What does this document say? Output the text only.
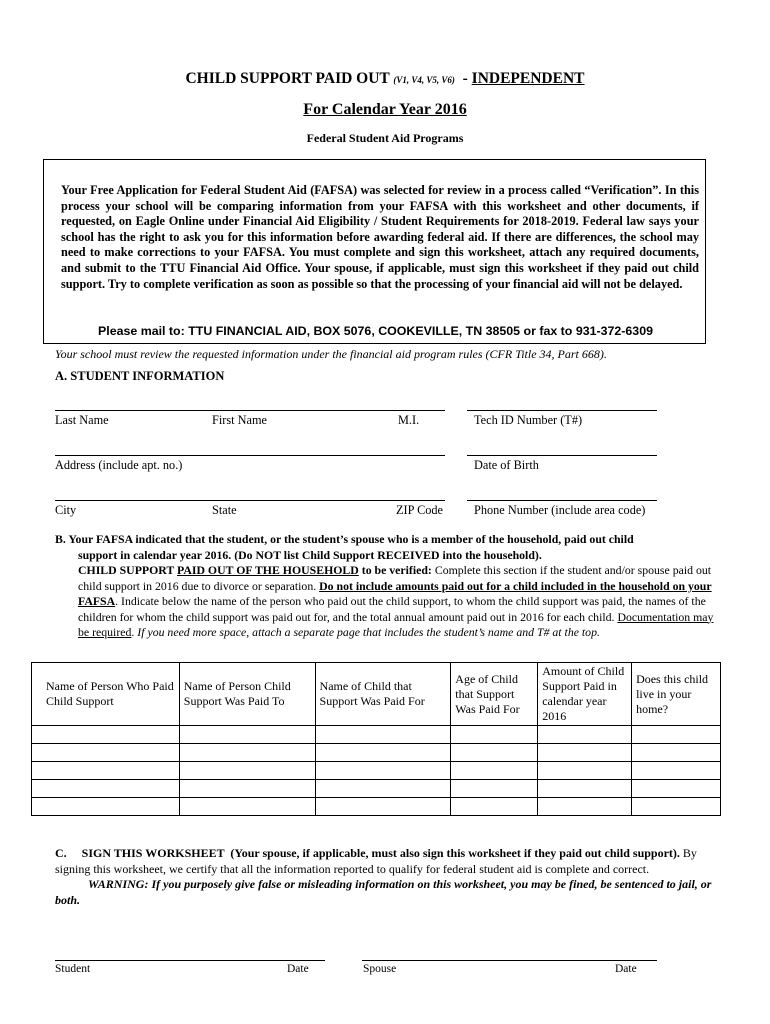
CHILD SUPPORT PAID OUT (V1, V4, V5, V6) - INDEPENDENT
For Calendar Year 2016
Federal Student Aid Programs
Your Free Application for Federal Student Aid (FAFSA) was selected for review in a process called “Verification”. In this process your school will be comparing information from your FAFSA with this worksheet and other documents, if requested, on Eagle Online under Financial Aid Eligibility / Student Requirements for 2018-2019. Federal law says your school has the right to ask you for this information before awarding federal aid. If there are differences, the school may need to make corrections to your FAFSA. You must complete and sign this worksheet, attach any required documents, and submit to the TTU Financial Aid Office. Your spouse, if applicable, must sign this worksheet if they paid out child support. Try to complete verification as soon as possible so that the processing of your financial aid will not be delayed.
Please mail to: TTU FINANCIAL AID, BOX 5076, COOKEVILLE, TN 38505 or fax to 931-372-6309
Your school must review the requested information under the financial aid program rules (CFR Title 34, Part 668).
A. STUDENT INFORMATION
Last Name	First Name	M.I.	Tech ID Number (T#)
Address (include apt. no.)	Date of Birth
City	State	ZIP Code	Phone Number (include area code)
B. Your FAFSA indicated that the student, or the student’s spouse who is a member of the household, paid out child

support in calendar year 2016. (Do NOT list Child Support RECEIVED into the household).
CHILD SUPPORT PAID OUT OF THE HOUSEHOLD to be verified: Complete this section if the student and/or spouse paid out child support in 2016 due to divorce or separation. Do not include amounts paid out for a child included in the household on your FAFSA. Indicate below the name of the person who paid out the child support, to whom the child support was paid, the names of the children for whom the child support was paid out for, and the total annual amount paid out in 2016 for each child. Documentation may be required. If you need more space, attach a separate page that includes the student’s name and T# at the top.
Name of Person Who Paid Child Support	Name of Person Child Support Was Paid To	Name of Child that Support Was Paid For	Age of Child that Support Was Paid For	Amount of Child Support Paid in calendar year 2016	Does this child live in your home?

C.     SIGN THIS WORKSHEET  (Your spouse, if applicable, must also sign this worksheet if they paid out child support). By signing this worksheet, we certify that all the information reported to qualify for federal student aid is complete and correct.
WARNING: If you purposely give false or misleading information on this worksheet, you may be fined, be sentenced to jail, or both.
Student	Date	Spouse	Date
